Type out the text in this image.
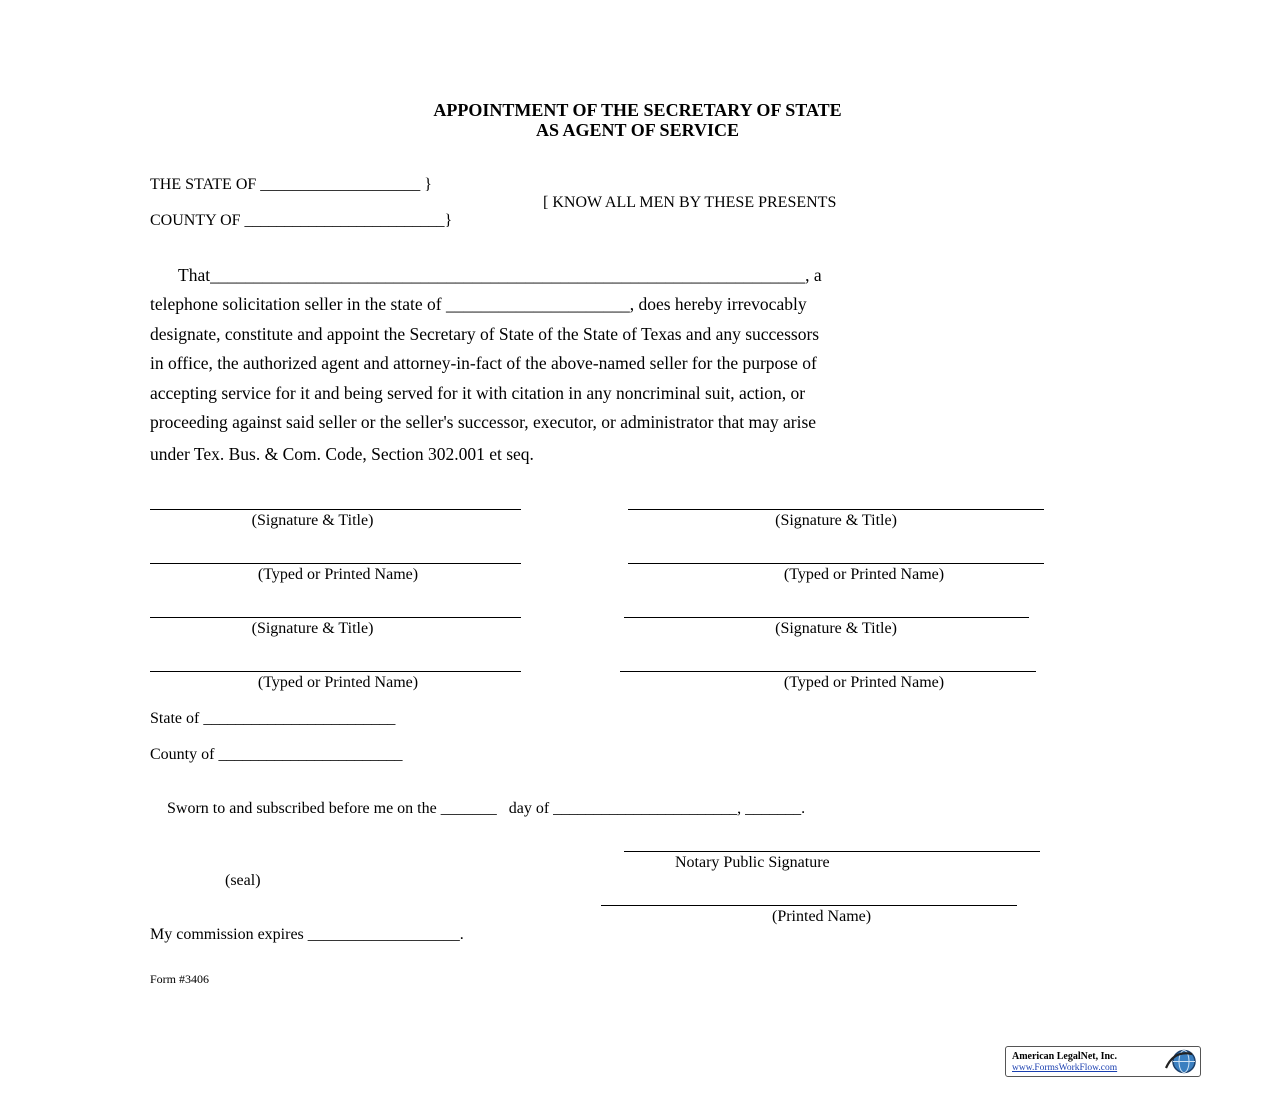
APPOINTMENT OF THE SECRETARY OF STATE
AS AGENT OF SERVICE
THE STATE OF ____________________ }
[ KNOW ALL MEN BY THESE PRESENTS
COUNTY OF _________________________}
That____________________________________________________________________, a
telephone solicitation seller in the state of _____________________, does hereby irrevocably
designate, constitute and appoint the Secretary of State of the State of Texas and any successors
in office, the authorized agent and attorney-in-fact of the above-named seller for the purpose of
accepting service for it and being served for it with citation in any noncriminal suit, action, or
proceeding against said seller or the seller's successor, executor, or administrator that may arise
under Tex. Bus. & Com. Code, Section 302.001 et seq.
(Signature & Title)	(Signature & Title)
(Typed or Printed Name)	(Typed or Printed Name)
(Signature & Title)	(Signature & Title)
(Typed or Printed Name)	(Typed or Printed Name)
State of ________________________
County of _______________________
Sworn to and subscribed before me on the _______   day of _______________________, _______.
Notary Public Signature
(seal)
(Printed Name)
My commission expires ___________________.
Form #3406
American LegalNet, Inc.
www.FormsWorkFlow.com
